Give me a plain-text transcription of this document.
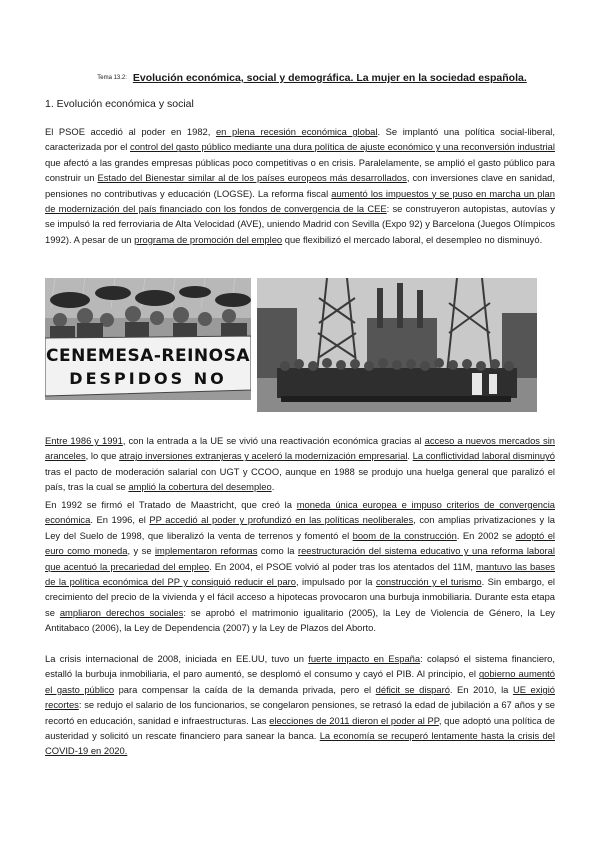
Tema 13.2: Evolución económica, social y demográfica. La mujer en la sociedad española.
1. Evolución económica y social

El PSOE accedió al poder en 1982, en plena recesión económica global. Se implantó una política social-liberal, caracterizada por el control del gasto público mediante una dura política de ajuste económico y una reconversión industrial que afectó a las grandes empresas públicas poco competitivas o en crisis. Paralelamente, se amplió el gasto público para construir un Estado del Bienestar similar al de los países europeos más desarrollados, con inversiones clave en sanidad, pensiones no contributivas y educación (LOGSE). La reforma fiscal aumentó los impuestos y se puso en marcha un plan de modernización del país financiado con los fondos de convergencia de la CEE: se construyeron autopistas, autovías y se impulsó la red ferroviaria de Alta Velocidad (AVE), uniendo Madrid con Sevilla (Expo 92) y Barcelona (Juegos Olímpicos 1992). A pesar de un programa de promoción del empleo que flexibilizó el mercado laboral, el desempleo no disminuyó.

CENEMESA-REINOSA
DESPIDOS NO

Entre 1986 y 1991, con la entrada a la UE se vivió una reactivación económica gracias al acceso a nuevos mercados sin aranceles, lo que atrajo inversiones extranjeras y aceleró la modernización empresarial. La conflictividad laboral disminuyó tras el pacto de moderación salarial con UGT y CCOO, aunque en 1988 se produjo una huelga general que paralizó el país, tras la cual se amplió la cobertura del desempleo.

En 1992 se firmó el Tratado de Maastricht, que creó la moneda única europea e impuso criterios de convergencia económica. En 1996, el PP accedió al poder y profundizó en las políticas neoliberales, con amplias privatizaciones y la Ley del Suelo de 1998, que liberalizó la venta de terrenos y fomentó el boom de la construcción. En 2002 se adoptó el euro como moneda, y se implementaron reformas como la reestructuración del sistema educativo y una reforma laboral que acentuó la precariedad del empleo. En 2004, el PSOE volvió al poder tras los atentados del 11M, mantuvo las bases de la política económica del PP y consiguió reducir el paro, impulsado por la construcción y el turismo. Sin embargo, el crecimiento del precio de la vivienda y el fácil acceso a hipotecas provocaron una burbuja inmobiliaria. Durante esta etapa se ampliaron derechos sociales: se aprobó el matrimonio igualitario (2005), la Ley de Violencia de Género, la Ley Antitabaco (2006), la Ley de Dependencia (2007) y la Ley de Plazos del Aborto.

La crisis internacional de 2008, iniciada en EE.UU, tuvo un fuerte impacto en España: colapsó el sistema financiero, estalló la burbuja inmobiliaria, el paro aumentó, se desplomó el consumo y cayó el PIB. Al principio, el gobierno aumentó el gasto público para compensar la caída de la demanda privada, pero el déficit se disparó. En 2010, la UE exigió recortes: se redujo el salario de los funcionarios, se congelaron pensiones, se retrasó la edad de jubilación a 67 años y se recortó en educación, sanidad e infraestructuras. Las elecciones de 2011 dieron el poder al PP, que adoptó una política de austeridad y solicitó un rescate financiero para sanear la banca. La economía se recuperó lentamente hasta la crisis del COVID-19 en 2020.
